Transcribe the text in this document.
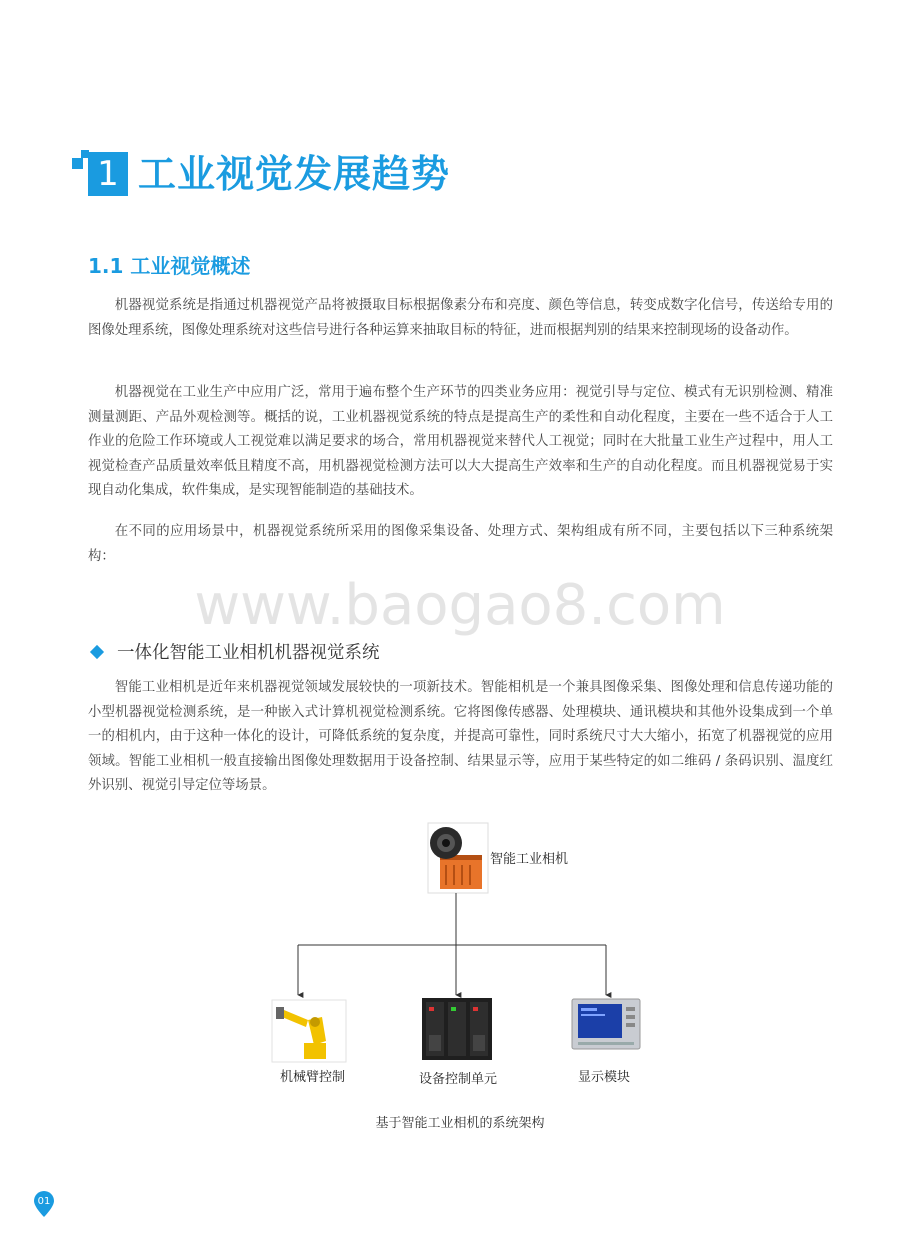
1 工业视觉发展趋势
1.1 工业视觉概述

机器视觉系统是指通过机器视觉产品将被摄取目标根据像素分布和亮度、颜色等信息，转变成数字化信号，传送给专用的图像处理系统，图像处理系统对这些信号进行各种运算来抽取目标的特征，进而根据判别的结果来控制现场的设备动作。

机器视觉在工业生产中应用广泛，常用于遍布整个生产环节的四类业务应用：视觉引导与定位、模式有无识别检测、精准测量测距、产品外观检测等。概括的说，工业机器视觉系统的特点是提高生产的柔性和自动化程度，主要在一些不适合于人工作业的危险工作环境或人工视觉难以满足要求的场合，常用机器视觉来替代人工视觉；同时在大批量工业生产过程中，用人工视觉检查产品质量效率低且精度不高，用机器视觉检测方法可以大大提高生产效率和生产的自动化程度。而且机器视觉易于实现自动化集成，软件集成，是实现智能制造的基础技术。

在不同的应用场景中，机器视觉系统所采用的图像采集设备、处理方式、架构组成有所不同，主要包括以下三种系统架构：

www.baogao8.com
一体化智能工业相机机器视觉系统

智能工业相机是近年来机器视觉领域发展较快的一项新技术。智能相机是一个兼具图像采集、图像处理和信息传递功能的小型机器视觉检测系统，是一种嵌入式计算机视觉检测系统。它将图像传感器、处理模块、通讯模块和其他外设集成到一个单一的相机内，由于这种一体化的设计，可降低系统的复杂度，并提高可靠性，同时系统尺寸大大缩小，拓宽了机器视觉的应用领域。智能工业相机一般直接输出图像处理数据用于设备控制、结果显示等，应用于某些特定的如二维码 / 条码识别、温度红外识别、视觉引导定位等场景。

智能工业相机
机械臂控制	设备控制单元	显示模块
基于智能工业相机的系统架构
01
